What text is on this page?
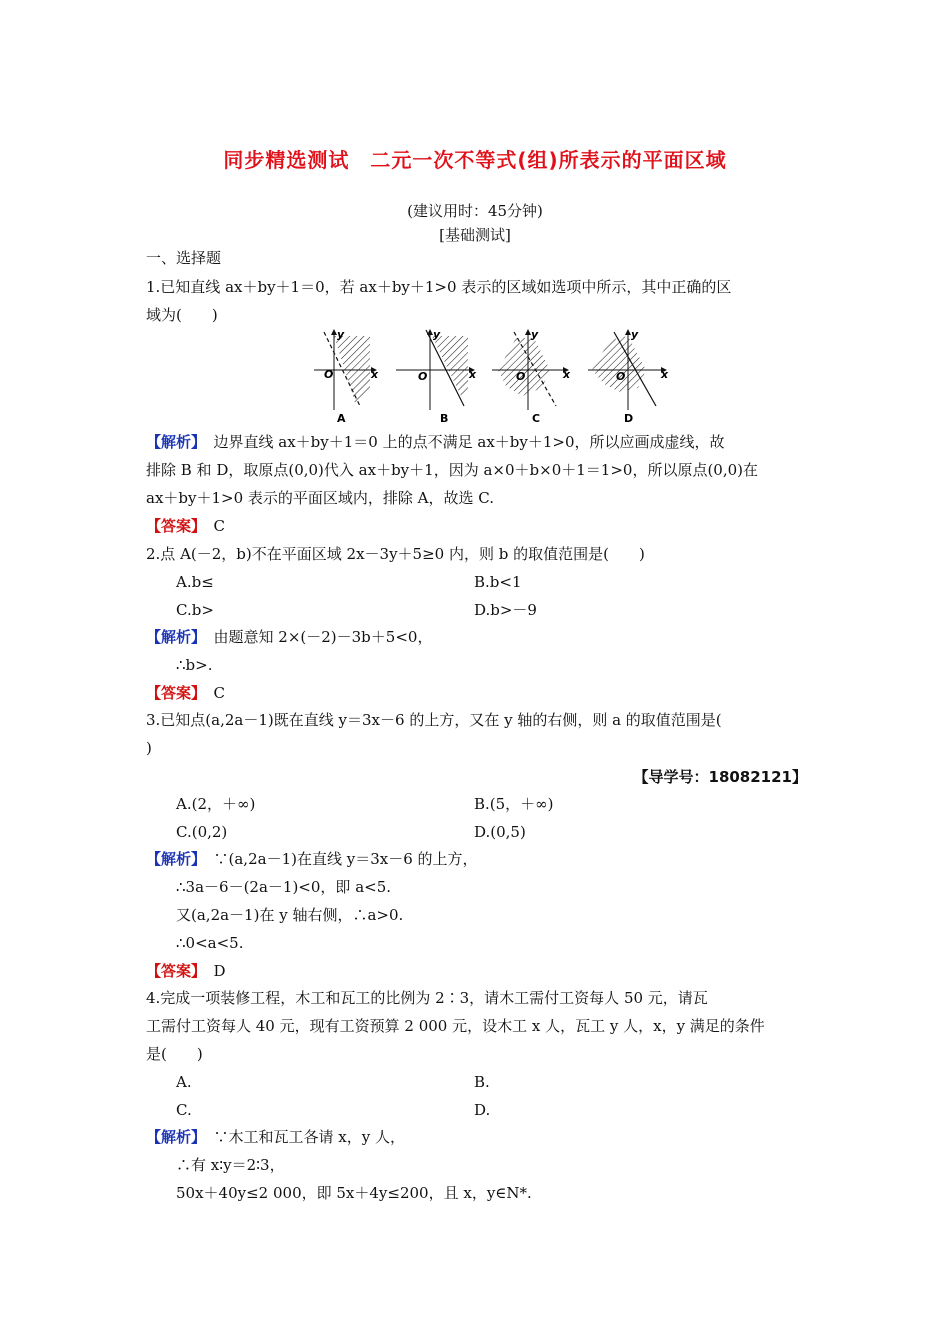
同步精选测试　二元一次不等式(组)所表示的平面区域
(建议用时：45分钟)
[基础测试]
一、选择题
1.已知直线 ax＋by＋1＝0，若 ax＋by＋1>0 表示的区域如选项中所示，其中正确的区
域为(　　)
O	x
y
A
O	x
y
B
O	x
y
C
O	x
y
D
【解析】　边界直线 ax＋by＋1＝0 上的点不满足 ax＋by＋1>0，所以应画成虚线，故
排除 B 和 D，取原点(0,0)代入 ax＋by＋1，因为 a×0＋b×0＋1＝1>0，所以原点(0,0)在
ax＋by＋1>0 表示的平面区域内，排除 A，故选 C.
【答案】　C
2.点 A(－2，b)不在平面区域 2x－3y＋5≥0 内，则 b 的取值范围是(　　)
A.b≤	B.b<1
C.b>	D.b>－9
【解析】　由题意知 2×(－2)－3b＋5<0，
∴b>.
【答案】　C
3.已知点(a,2a－1)既在直线 y＝3x－6 的上方，又在 y 轴的右侧，则 a 的取值范围是(
)
【导学号：18082121】
A.(2，＋∞)	B.(5，＋∞)
C.(0,2)	D.(0,5)
【解析】　∵(a,2a－1)在直线 y＝3x－6 的上方，
∴3a－6－(2a－1)<0，即 a<5.
又(a,2a－1)在 y 轴右侧，∴a>0.
∴0<a<5.
【答案】　D
4.完成一项装修工程，木工和瓦工的比例为 2∶3，请木工需付工资每人 50 元，请瓦
工需付工资每人 40 元，现有工资预算 2 000 元，设木工 x 人，瓦工 y 人，x，y 满足的条件
是(　　)
A.	B.
C.	D.
【解析】　∵木工和瓦工各请 x，y 人，
∴有 x∶y＝2∶3，
50x＋40y≤2 000，即 5x＋4y≤200，且 x，y∈N*.
